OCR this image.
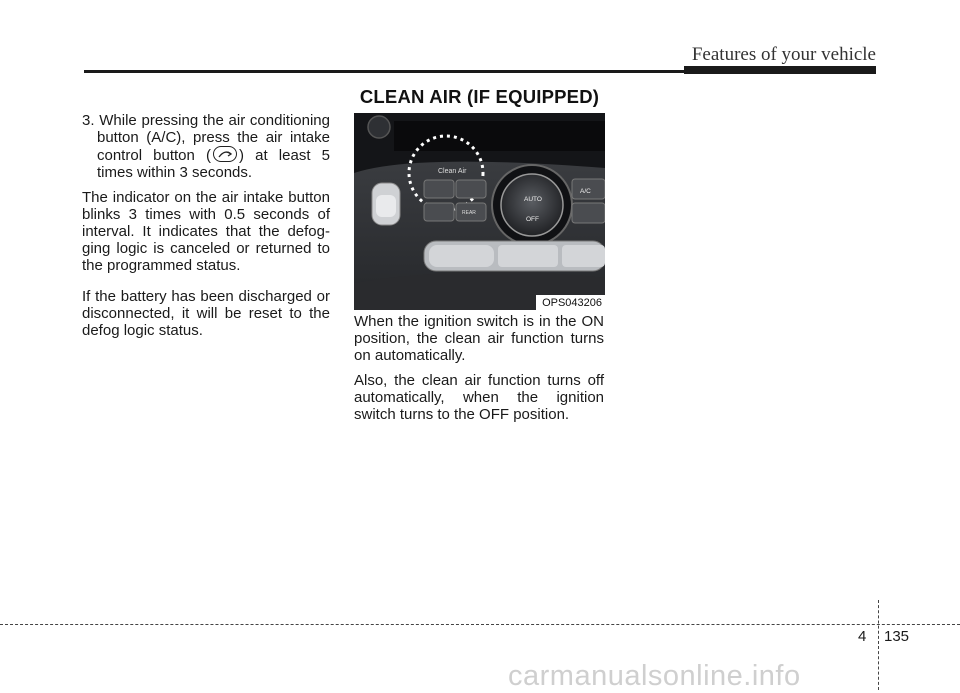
Features of your vehicle
CLEAN AIR (IF EQUIPPED)

3. While pressing the air conditioning button (A/C), press the air intake control button ( ) at least 5 times within 3 seconds.

The indicator on the air intake button blinks 3 times with 0.5 seconds of interval. It indicates that the defog-ging logic is canceled or returned to the programmed status.

If the battery has been discharged or disconnected, it will be reset to the defog logic status.

Clean Air
REAR
AUTO
OFF
A/C
OPS043206

When the ignition switch is in the ON position, the clean air function turns on automatically.

Also, the clean air function turns off automatically, when the ignition switch turns to the OFF position.

4 135
carmanualsonline.info
